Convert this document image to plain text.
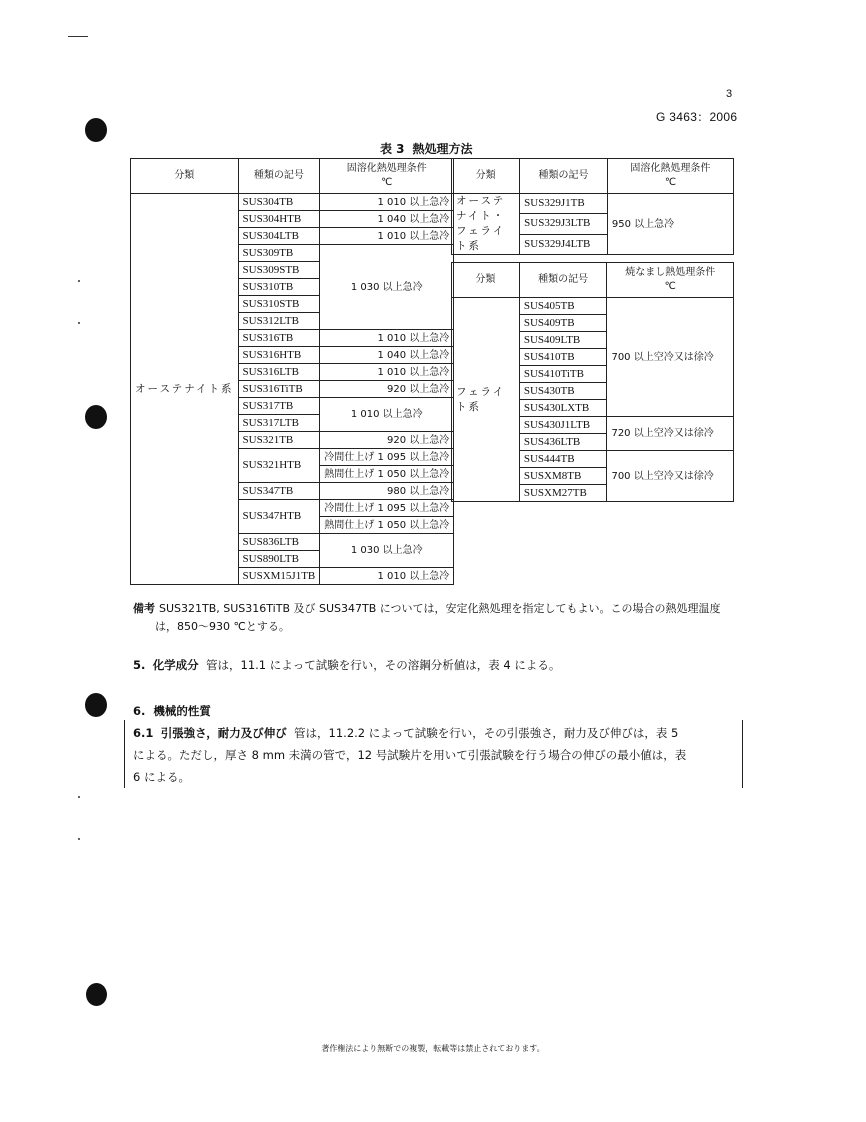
3
G 3463：2006
表 3 熱処理方法
分類	種類の記号	固溶化熱処理条件
℃
オーステナイト系	SUS304TB	1 010 以上急冷
	SUS304HTB	1 040 以上急冷
	SUS304LTB	1 010 以上急冷
	SUS309TB	1 030 以上急冷
	SUS309STB	
	SUS310TB	
	SUS310STB	
	SUS312LTB	
	SUS316TB	1 010 以上急冷
	SUS316HTB	1 040 以上急冷
	SUS316LTB	1 010 以上急冷
	SUS316TiTB	920 以上急冷
	SUS317TB	1 010 以上急冷
	SUS317LTB	
	SUS321TB	920 以上急冷
	SUS321HTB	冷間仕上げ 1 095 以上急冷
		熱間仕上げ 1 050 以上急冷
	SUS347TB	980 以上急冷
	SUS347HTB	冷間仕上げ 1 095 以上急冷
		熱間仕上げ 1 050 以上急冷
	SUS836LTB	1 030 以上急冷
	SUS890LTB	
	SUSXM15J1TB	1 010 以上急冷
分類	種類の記号	固溶化熱処理条件
℃
オーステナイト・フェライト系	SUS329J1TB	950 以上急冷
	SUS329J3LTB	
	SUS329J4LTB	
分類	種類の記号	焼なまし熱処理条件
℃
フェライト系	SUS405TB	700 以上空冷又は徐冷
	SUS409TB	
	SUS409LTB	
	SUS410TB	
	SUS410TiTB	
	SUS430TB	
	SUS430LXTB	
	SUS430J1LTB	720 以上空冷又は徐冷
	SUS436LTB	
	SUS444TB	700 以上空冷又は徐冷
	SUSXM8TB	
	SUSXM27TB	
備考 SUS321TB, SUS316TiTB 及び SUS347TB については，安定化熱処理を指定してもよい。この場合の熱処理温度
は，850～930 ℃とする。
5. 化学成分 管は，11.1 によって試験を行い，その溶鋼分析値は，表 4 による。
6. 機械的性質
6.1 引張強さ，耐力及び伸び 管は，11.2.2 によって試験を行い，その引張強さ，耐力及び伸びは，表 5
による。ただし，厚さ 8 mm 未満の管で，12 号試験片を用いて引張試験を行う場合の伸びの最小値は，表
6 による。
著作権法により無断での複製，転載等は禁止されております。
